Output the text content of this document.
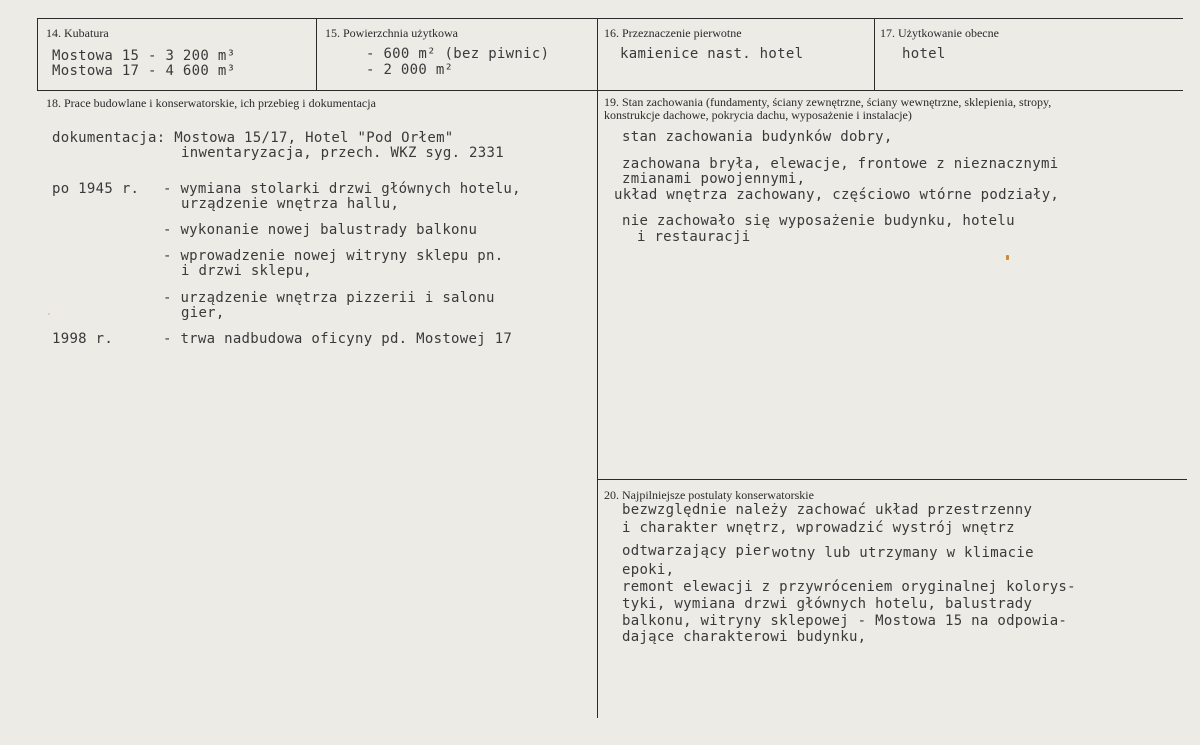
14. Kubatura
Mostowa 15 - 3 200 m³
Mostowa 17 - 4 600 m³
15. Powierzchnia użytkowa
- 600 m² (bez piwnic)
- 2 000 m²
16. Przeznaczenie pierwotne
kamienice nast. hotel
17. Użytkowanie obecne
hotel
18. Prace budowlane i konserwatorskie, ich przebieg i dokumentacja
dokumentacja: Mostowa 15/17, Hotel "Pod Orłem"
inwentaryzacja, przech. WKZ syg. 2331
po 1945 r. - wymiana stolarki drzwi głównych hotelu,
urządzenie wnętrza hallu,
- wykonanie nowej balustrady balkonu
- wprowadzenie nowej witryny sklepu pn.
i drzwi sklepu,
- urządzenie wnętrza pizzerii i salonu
gier,
1998 r.	- trwa nadbudowa oficyny pd. Mostowej 17
19. Stan zachowania (fundamenty, ściany zewnętrzne, ściany wewnętrzne, sklepienia, stropy,
konstrukcje dachowe, pokrycia dachu, wyposażenie i instalacje)
stan zachowania budynków dobry,
zachowana bryła, elewacje, frontowe z nieznacznymi
zmianami powojennymi,
układ wnętrza zachowany, częściowo wtórne podziały,
nie zachowało się wyposażenie budynku, hotelu
i restauracji
20. Najpilniejsze postulaty konserwatorskie
bezwzględnie należy zachować układ przestrzenny
i charakter wnętrz, wprowadzić wystrój wnętrz
odtwarzający pier wotny lub utrzymany w klimacie
epoki,
remont elewacji z przywróceniem oryginalnej kolorys-
tyki, wymiana drzwi głównych hotelu, balustrady
balkonu, witryny sklepowej - Mostowa 15 na odpowia-
dające charakterowi budynku,
